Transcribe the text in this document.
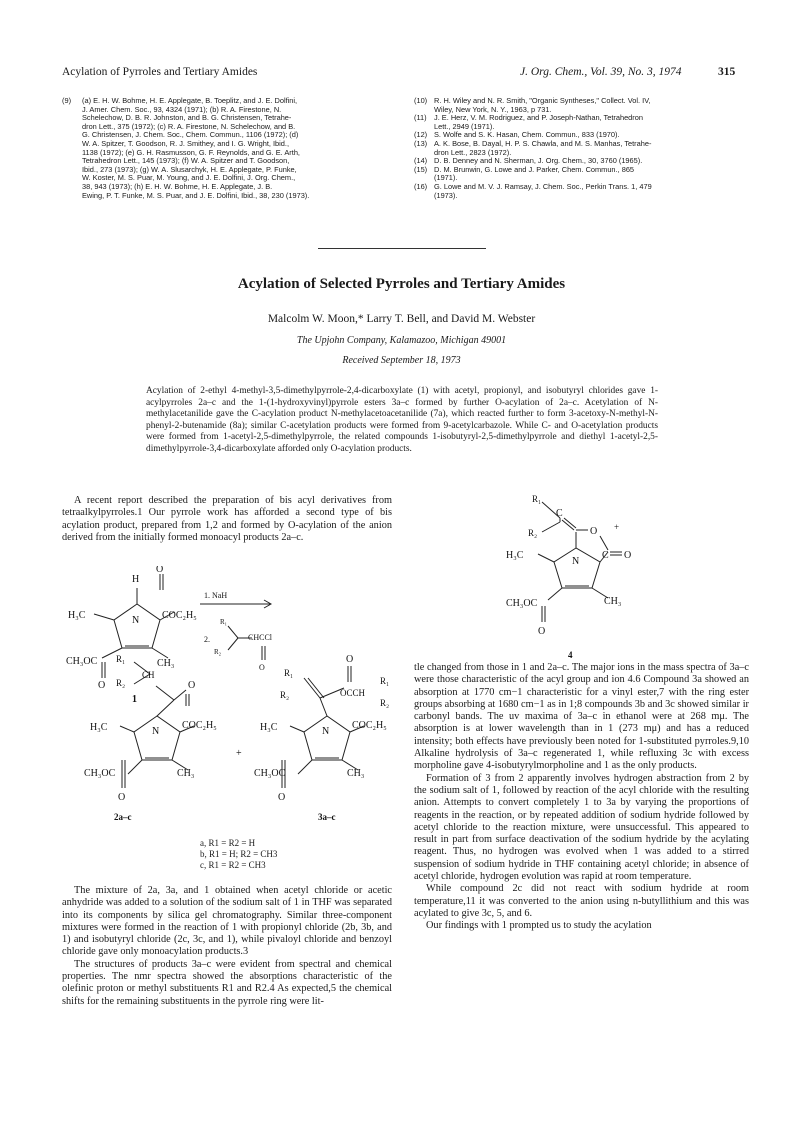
Acylation of Pyrroles and Tertiary Amides	J. Org. Chem., Vol. 39, No. 3, 1974	315
(9) (a) E. H. W. Bohme, H. E. Applegate, B. Toeplitz, and J. E. Dolfini,
J. Amer. Chem. Soc., 93, 4324 (1971); (b) R. A. Firestone, N.
Schelechow, D. B. R. Johnston, and B. G. Christensen, Tetrahe-
dron Lett., 375 (1972); (c) R. A. Firestone, N. Schelechow, and B.
G. Christensen, J. Chem. Soc., Chem. Commun., 1106 (1972); (d)
W. A. Spitzer, T. Goodson, R. J. Smithey, and I. G. Wright, Ibid.,
1138 (1972); (e) G. H. Rasmusson, G. F. Reynolds, and G. E. Arth,
Tetrahedron Lett., 145 (1973); (f) W. A. Spitzer and T. Goodson,
Ibid., 273 (1973); (g) W. A. Slusarchyk, H. E. Applegate, P. Funke,
W. Koster, M. S. Puar, M. Young, and J. E. Dolfini, J. Org. Chem.,
38, 943 (1973); (h) E. H. W. Bohme, H. E. Applegate, J. B.
Ewing, P. T. Funke, M. S. Puar, and J. E. Dolfini, Ibid., 38, 230 (1973).
(10) R. H. Wiley and N. R. Smith, "Organic Syntheses," Collect. Vol. IV,
Wiley, New York, N. Y., 1963, p 731.
(11) J. E. Herz, V. M. Rodriguez, and P. Joseph-Nathan, Tetrahedron
Lett., 2949 (1971).
(12) S. Wolfe and S. K. Hasan, Chem. Commun., 833 (1970).
(13) A. K. Bose, B. Dayal, H. P. S. Chawla, and M. S. Manhas, Tetrahe-
dron Lett., 2823 (1972).
(14) D. B. Denney and N. Sherman, J. Org. Chem., 30, 3760 (1965).
(15) D. M. Brunwin, G. Lowe and J. Parker, Chem. Commun., 865
(1971).
(16) G. Lowe and M. V. J. Ramsay, J. Chem. Soc., Perkin Trans. 1, 479
(1973).
Acylation of Selected Pyrroles and Tertiary Amides
Malcolm W. Moon,* Larry T. Bell, and David M. Webster
The Upjohn Company, Kalamazoo, Michigan 49001
Received September 18, 1973
Acylation of 2-ethyl 4-methyl-3,5-dimethylpyrrole-2,4-dicarboxylate (1) with acetyl, propionyl, and isobutyryl chlorides gave 1-acylpyrroles 2a–c and the 1-(1-hydroxyvinyl)pyrrole esters 3a–c formed by further O-acylation of 2a–c. Acetylation of N-methylacetanilide gave the C-acylation product N-methylacetoacetanilide (7a), which reacted further to form 3-acetoxy-N-methyl-N-phenyl-2-butenamide (8a); similar C-acetylation products were formed from 9-acetylcarbazole. While C- and O-acetylation products were formed from 1-acetyl-2,5-dimethylpyrrole, the related compounds 1-isobutyryl-2,5-dimethylpyrrole and diethyl 1-acetyl-2,5-dimethylpyrrole-3,4-dicarboxylate afforded only O-acylation products.

A recent report described the preparation of bis acyl derivatives from tetraalkylpyrroles.1 Our pyrrole work has afforded a second type of bis acylation product, prepared from 1,2 and formed by O-acylation of the anion derived from the initially formed monoacyl products 2a–c.

H
O
H₃C	N COC₂H₅
CH₃OC	CH₃
O
1
1. NaH
2.
R₁
R₂
CHCCl
O
R₁
R₂
CH
O
N
H₃C	COC₂H₅
CH₃OC	CH₃
O
2a–c
+
R₁
R₂
O
OCCH
R₁
R₂
N
H₃C	COC₂H₅
CH₃OC	CH₃
O
3a–c
a, R1 = R2 = H
b, R1 = H; R2 = CH3
c, R1 = R2 = CH3

The mixture of 2a, 3a, and 1 obtained when acetyl chloride or acetic anhydride was added to a solution of the sodium salt of 1 in THF was separated into its components by silica gel chromatography. Similar three-component mixtures were formed in the reaction of 1 with propionyl chloride (2b, 3b, and 1) and isobutyryl chloride (2c, 3c, and 1), while pivaloyl chloride and benzoyl chloride gave only monoacylation products.3

The structures of products 3a–c were evident from spectral and chemical properties. The nmr spectra showed the absorptions characteristic of the olefinic proton or methyl substituents R1 and R2.4 As expected,5 the chemical shifts for the remaining substituents in the pyrrole ring were lit-

R₁
R₂
C
O +
N
C O
H₃C
CH₃OC	CH₃
O
4

tle changed from those in 1 and 2a–c. The major ions in the mass spectra of 3a–c were those characteristic of the acyl group and ion 4.6 Compound 3a showed an absorption at 1770 cm−1 characteristic for a vinyl ester,7 with the ring ester groups absorbing at 1680 cm−1 as in 1;8 compounds 3b and 3c showed similar ir carbonyl bands. The uv maxima of 3a–c in ethanol were at 268 mμ. The absorption is at lower wavelength than in 1 (273 mμ) and has a reduced intensity; both effects have previously been noted for 1-substituted pyrroles.9,10 Alkaline hydrolysis of 3a–c regenerated 1, while refluxing 3c with excess morpholine gave 4-isobutyrylmorpholine and 1 as the only products.

Formation of 3 from 2 apparently involves hydrogen abstraction from 2 by the sodium salt of 1, followed by reaction of the acyl chloride with the resulting anion. Attempts to convert completely 1 to 3a by varying the proportions of reagents in the reaction, or by repeated addition of sodium hydride followed by acetyl chloride to the reaction mixture, were unsuccessful. This appeared to result in part from surface deactivation of the sodium hydride by the acylating reagent. Thus, no hydrogen was evolved when 1 was added to a stirred suspension of sodium hydride in THF containing acetyl chloride; in absence of acetyl chloride, hydrogen evolution was rapid at room temperature.

While compound 2c did not react with sodium hydride at room temperature,11 it was converted to the anion using n-butyllithium and this was acylated to give 3c, 5, and 6.

Our findings with 1 prompted us to study the acylation
